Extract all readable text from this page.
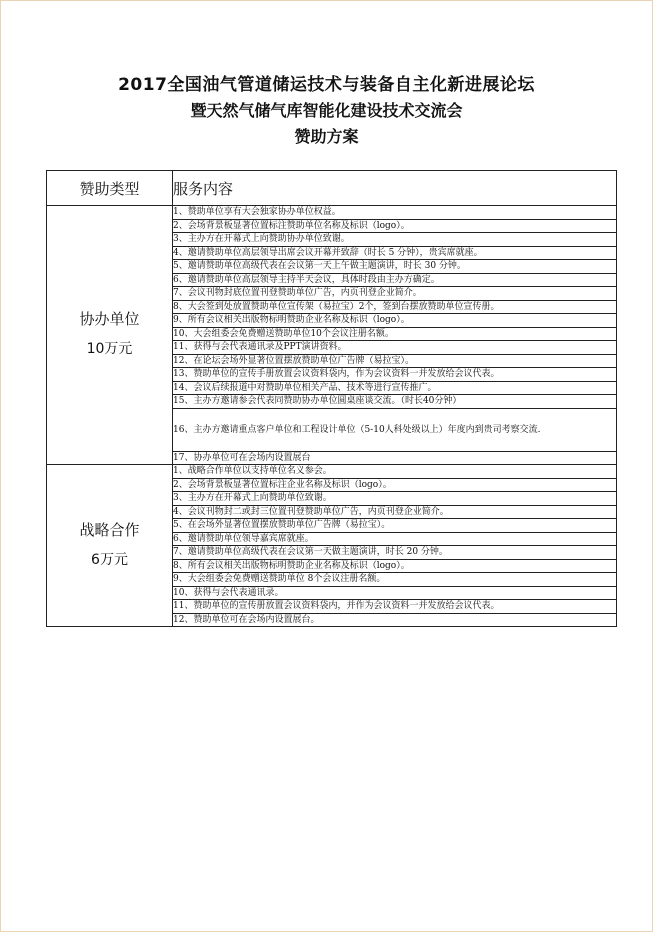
2017全国油气管道储运技术与装备自主化新进展论坛
暨天然气储气库智能化建设技术交流会
赞助方案
赞助类型	服务内容

协办单位
10万元	1、赞助单位享有大会独家协办单位权益。
	2、会场背景板显著位置标注赞助单位名称及标识（logo）。
	3、主办方在开幕式上向赞助协办单位致谢。
	4、邀请赞助单位高层领导出席会议开幕并致辞（时长 5 分钟），贵宾席就座。
	5、邀请赞助单位高级代表在会议第一天上午做主题演讲，时长 30 分钟。
	6、邀请赞助单位高层领导主持半天会议，具体时段由主办方确定。
	7、会议刊物封底位置刊登赞助单位广告，内页刊登企业简介。
	8、大会签到处放置赞助单位宣传架（易拉宝）2个，签到台摆放赞助单位宣传册。
	9、所有会议相关出版物标明赞助企业名称及标识（logo）。
	10、大会组委会免费赠送赞助单位10个会议注册名额。
	11、获得与会代表通讯录及PPT演讲资料。
	12、在论坛会场外显著位置摆放赞助单位广告牌（易拉宝）。
	13、赞助单位的宣传手册放置会议资料袋内，作为会议资料一并发放给会议代表。
	14、会议后续报道中对赞助单位相关产品、技术等进行宣传推广。
	15、主办方邀请参会代表同赞助协办单位圆桌座谈交流。（时长40分钟）
	16、主办方邀请重点客户单位和工程设计单位（5-10人科处级以上）年度内到贵司考察交流.
	17、协办单位可在会场内设置展台

战略合作
6万元	1、战略合作单位以支持单位名义参会。
	2、会场背景板显著位置标注企业名称及标识（logo）。
	3、主办方在开幕式上向赞助单位致谢。
	4、会议刊物封二或封三位置刊登赞助单位广告，内页刊登企业简介。
	5、在会场外显著位置摆放赞助单位广告牌（易拉宝）。
	6、邀请赞助单位领导嘉宾席就座。
	7、邀请赞助单位高级代表在会议第一天做主题演讲，时长 20 分钟。
	8、所有会议相关出版物标明赞助企业名称及标识（logo）。
	9、大会组委会免费赠送赞助单位 8个会议注册名额。
	10、获得与会代表通讯录。
	11、赞助单位的宣传册放置会议资料袋内，并作为会议资料一并发放给会议代表。
	12、赞助单位可在会场内设置展台。
